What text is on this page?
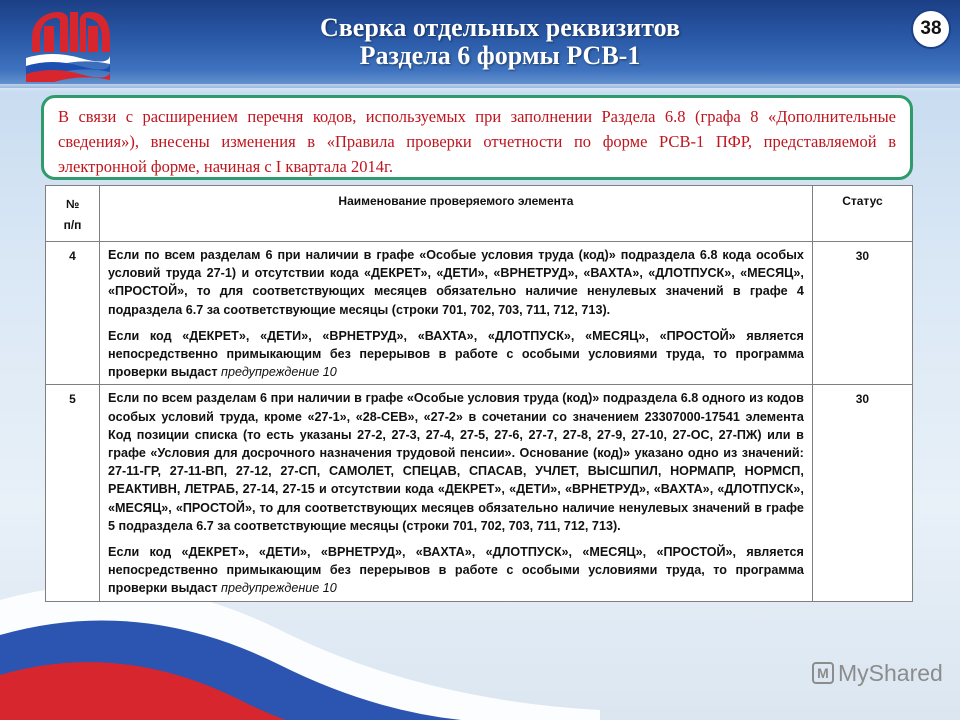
Сверка отдельных реквизитов
Раздела 6 формы РСВ-1
38
В связи с расширением перечня кодов, используемых при заполнении Раздела 6.8 (графа 8 «Дополнительные сведения»), внесены изменения в «Правила проверки отчетности по форме РСВ-1 ПФР, представляемой в электронной форме, начиная с I квартала 2014г.
№
п/п	Наименование проверяемого элемента	Статус
4	Если по всем разделам 6 при наличии в графе «Особые условия труда (код)» подраздела 6.8 кода особых условий труда 27-1) и отсутствии кода «ДЕКРЕТ», «ДЕТИ», «ВРНЕТРУД», «ВАХТА», «ДЛОТПУСК», «МЕСЯЦ», «ПРОСТОЙ», то для соответствующих месяцев обязательно наличие ненулевых значений в графе 4 подраздела 6.7 за соответствующие месяцы (строки 701, 702, 703, 711, 712, 713).

Если код «ДЕКРЕТ», «ДЕТИ», «ВРНЕТРУД», «ВАХТА», «ДЛОТПУСК», «МЕСЯЦ», «ПРОСТОЙ» является непосредственно примыкающим без перерывов в работе с особыми условиями труда, то программа проверки выдаст предупреждение 10	30
5	Если по всем разделам 6 при наличии в графе «Особые условия труда (код)» подраздела 6.8 одного из кодов особых условий труда, кроме «27-1», «28-СЕВ», «27-2» в сочетании со значением 23307000-17541 элемента Код позиции списка (то есть указаны 27-2, 27-3, 27-4, 27-5, 27-6, 27-7, 27-8, 27-9, 27-10, 27-ОС, 27-ПЖ) или в графе «Условия для досрочного назначения трудовой пенсии». Основание (код)» указано одно из значений: 27-11-ГР, 27-11-ВП, 27-12, 27-СП, САМОЛЕТ, СПЕЦАВ, СПАСАВ, УЧЛЕТ, ВЫСШПИЛ, НОРМАПР, НОРМСП, РЕАКТИВН, ЛЕТРАБ, 27-14, 27-15 и отсутствии кода «ДЕКРЕТ», «ДЕТИ», «ВРНЕТРУД», «ВАХТА», «ДЛОТПУСК», «МЕСЯЦ», «ПРОСТОЙ», то для соответствующих месяцев обязательно наличие ненулевых значений в графе 5 подраздела 6.7 за соответствующие месяцы (строки 701, 702, 703, 711, 712, 713).

Если код «ДЕКРЕТ», «ДЕТИ», «ВРНЕТРУД», «ВАХТА», «ДЛОТПУСК», «МЕСЯЦ», «ПРОСТОЙ», является непосредственно примыкающим без перерывов в работе с особыми условиями труда, то программа проверки выдаст предупреждение 10	30
M MyShared
